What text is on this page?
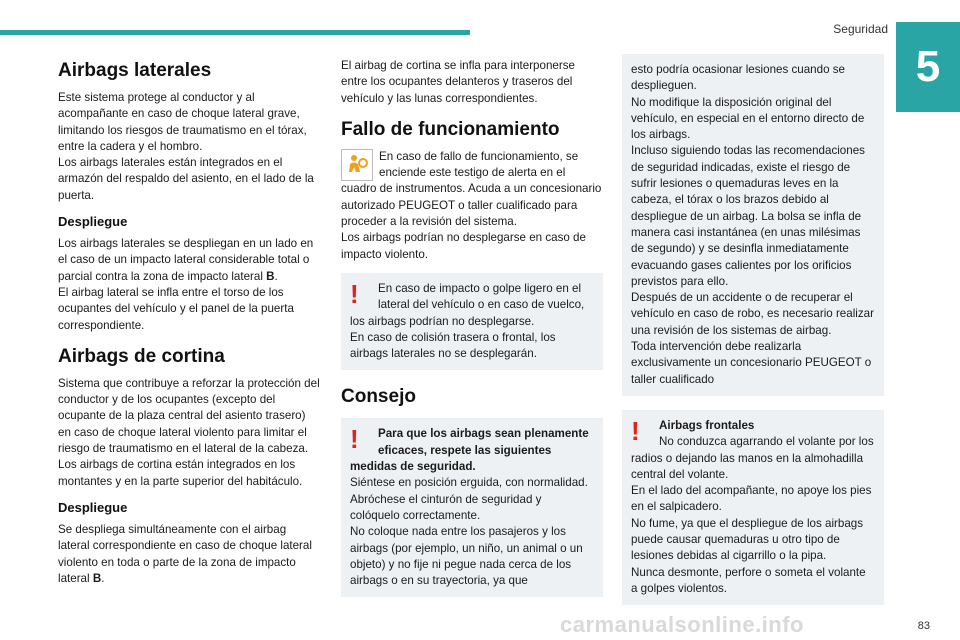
Seguridad
5
Airbags laterales

Este sistema protege al conductor y al acompañante en caso de choque lateral grave, limitando los riesgos de traumatismo en el tórax, entre la cadera y el hombro.

Los airbags laterales están integrados en el armazón del respaldo del asiento, en el lado de la puerta.

Despliegue

Los airbags laterales se despliegan en un lado en el caso de un impacto lateral considerable total o parcial contra la zona de impacto lateral B.

El airbag lateral se infla entre el torso de los ocupantes del vehículo y el panel de la puerta correspondiente.

Airbags de cortina

Sistema que contribuye a reforzar la protección del conductor y de los ocupantes (excepto del ocupante de la plaza central del asiento trasero) en caso de choque lateral violento para limitar el riesgo de traumatismo en el lateral de la cabeza.

Los airbags de cortina están integrados en los montantes y en la parte superior del habitáculo.

Despliegue

Se despliega simultáneamente con el airbag lateral correspondiente en caso de choque lateral violento en toda o parte de la zona de impacto lateral B.

El airbag de cortina se infla para interponerse entre los ocupantes delanteros y traseros del vehículo y las lunas correspondientes.

Fallo de funcionamiento

En caso de fallo de funcionamiento, se enciende este testigo de alerta en el cuadro de instrumentos. Acuda a un concesionario autorizado PEUGEOT o taller cualificado para proceder a la revisión del sistema.

Los airbags podrían no desplegarse en caso de impacto violento.

!	En caso de impacto o golpe ligero en el lateral del vehículo o en caso de vuelco, los airbags podrían no desplegarse.

En caso de colisión trasera o frontal, los airbags laterales no se desplegarán.

Consejo
!	Para que los airbags sean plenamente eficaces, respete las siguientes medidas de seguridad.

Siéntese en posición erguida, con normalidad.

Abróchese el cinturón de seguridad y colóquelo correctamente.

No coloque nada entre los pasajeros y los airbags (por ejemplo, un niño, un animal o un objeto) y no fije ni pegue nada cerca de los airbags o en su trayectoria, ya que

esto podría ocasionar lesiones cuando se desplieguen.

No modifique la disposición original del vehículo, en especial en el entorno directo de los airbags.

Incluso siguiendo todas las recomendaciones de seguridad indicadas, existe el riesgo de sufrir lesiones o quemaduras leves en la cabeza, el tórax o los brazos debido al despliegue de un airbag. La bolsa se infla de manera casi instantánea (en unas milésimas de segundo) y se desinfla inmediatamente evacuando gases calientes por los orificios previstos para ello.

Después de un accidente o de recuperar el vehículo en caso de robo, es necesario realizar una revisión de los sistemas de airbag.

Toda intervención debe realizarla exclusivamente un concesionario PEUGEOT o taller cualificado

!	Airbags frontales

No conduzca agarrando el volante por los radios o dejando las manos en la almohadilla central del volante.

En el lado del acompañante, no apoye los pies en el salpicadero.

No fume, ya que el despliegue de los airbags puede causar quemaduras u otro tipo de lesiones debidas al cigarrillo o la pipa.

Nunca desmonte, perfore o someta el volante a golpes violentos.

carmanualsonline.info	83
